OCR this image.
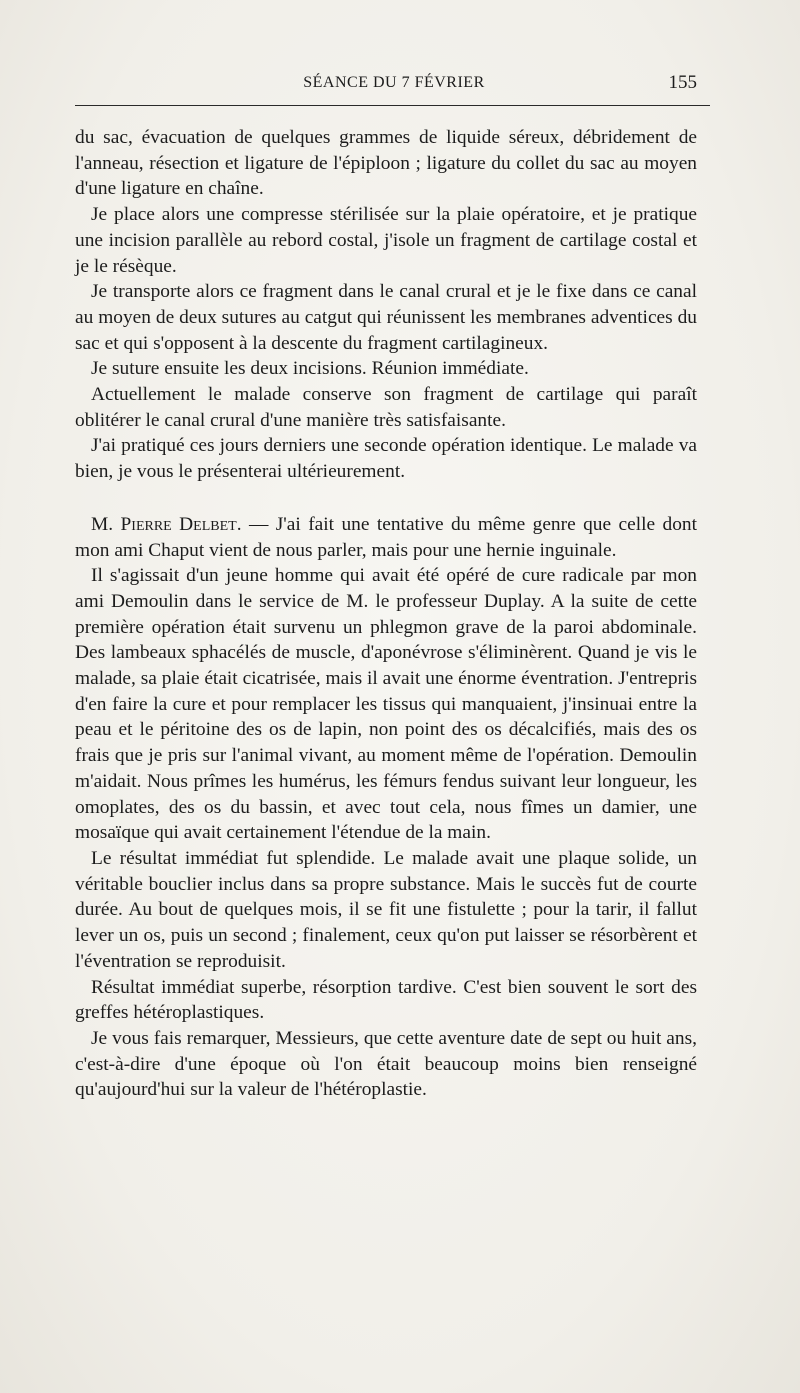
SÉANCE DU 7 FÉVRIER	155

du sac, évacuation de quelques grammes de liquide séreux, débridement de l'anneau, résection et ligature de l'épiploon ; ligature du collet du sac au moyen d'une ligature en chaîne.

Je place alors une compresse stérilisée sur la plaie opératoire, et je pratique une incision parallèle au rebord costal, j'isole un fragment de cartilage costal et je le résèque.

Je transporte alors ce fragment dans le canal crural et je le fixe dans ce canal au moyen de deux sutures au catgut qui réunissent les membranes adventices du sac et qui s'opposent à la descente du fragment cartilagineux.

Je suture ensuite les deux incisions. Réunion immédiate.

Actuellement le malade conserve son fragment de cartilage qui paraît oblitérer le canal crural d'une manière très satisfaisante.

J'ai pratiqué ces jours derniers une seconde opération identique. Le malade va bien, je vous le présenterai ultérieurement.

M. Pierre Delbet. — J'ai fait une tentative du même genre que celle dont mon ami Chaput vient de nous parler, mais pour une hernie inguinale.

Il s'agissait d'un jeune homme qui avait été opéré de cure radicale par mon ami Demoulin dans le service de M. le professeur Duplay. A la suite de cette première opération était survenu un phlegmon grave de la paroi abdominale. Des lambeaux sphacélés de muscle, d'aponévrose s'éliminèrent. Quand je vis le malade, sa plaie était cicatrisée, mais il avait une énorme éventration. J'entrepris d'en faire la cure et pour remplacer les tissus qui manquaient, j'insinuai entre la peau et le péritoine des os de lapin, non point des os décalcifiés, mais des os frais que je pris sur l'animal vivant, au moment même de l'opération. Demoulin m'aidait. Nous prîmes les humérus, les fémurs fendus suivant leur longueur, les omoplates, des os du bassin, et avec tout cela, nous fîmes un damier, une mosaïque qui avait certainement l'étendue de la main.

Le résultat immédiat fut splendide. Le malade avait une plaque solide, un véritable bouclier inclus dans sa propre substance. Mais le succès fut de courte durée. Au bout de quelques mois, il se fit une fistulette ; pour la tarir, il fallut lever un os, puis un second ; finalement, ceux qu'on put laisser se résorbèrent et l'éventration se reproduisit.

Résultat immédiat superbe, résorption tardive. C'est bien souvent le sort des greffes hétéroplastiques.

Je vous fais remarquer, Messieurs, que cette aventure date de sept ou huit ans, c'est-à-dire d'une époque où l'on était beaucoup moins bien renseigné qu'aujourd'hui sur la valeur de l'hétéroplastie.
